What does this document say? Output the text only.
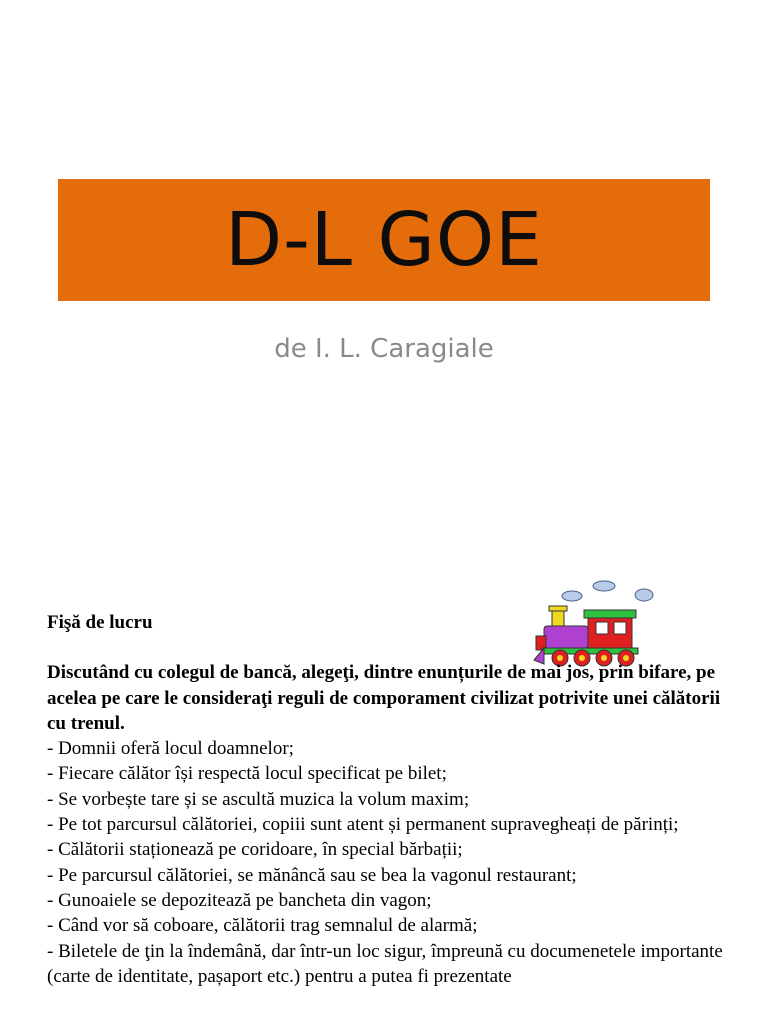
D-L GOE
de I. L. Caragiale

Fişă de lucru

Discutând cu colegul de bancă, alegeţi, dintre enunțurile de mai jos, prin bifare, pe acelea pe care le consideraţi reguli de comporament civilizat potrivite unei călătorii cu trenul.

- Domnii oferă locul doamnelor;
- Fiecare călător își respectă locul specificat pe bilet;
- Se vorbește tare și se ascultă muzica la volum maxim;
- Pe tot parcursul călătoriei, copiii sunt atent și permanent supravegheați de părinți;
- Călătorii staționează pe coridoare, în special bărbații;
- Pe parcursul călătoriei, se mănâncă sau se bea la vagonul restaurant;
- Gunoaiele se depozitează pe bancheta din vagon;
- Când vor să coboare, călătorii trag semnalul de alarmă;
- Biletele de ţin la îndemână, dar într-un loc sigur, împreună cu documenetele importante (carte de identitate, pașaport etc.) pentru a putea fi prezentate
